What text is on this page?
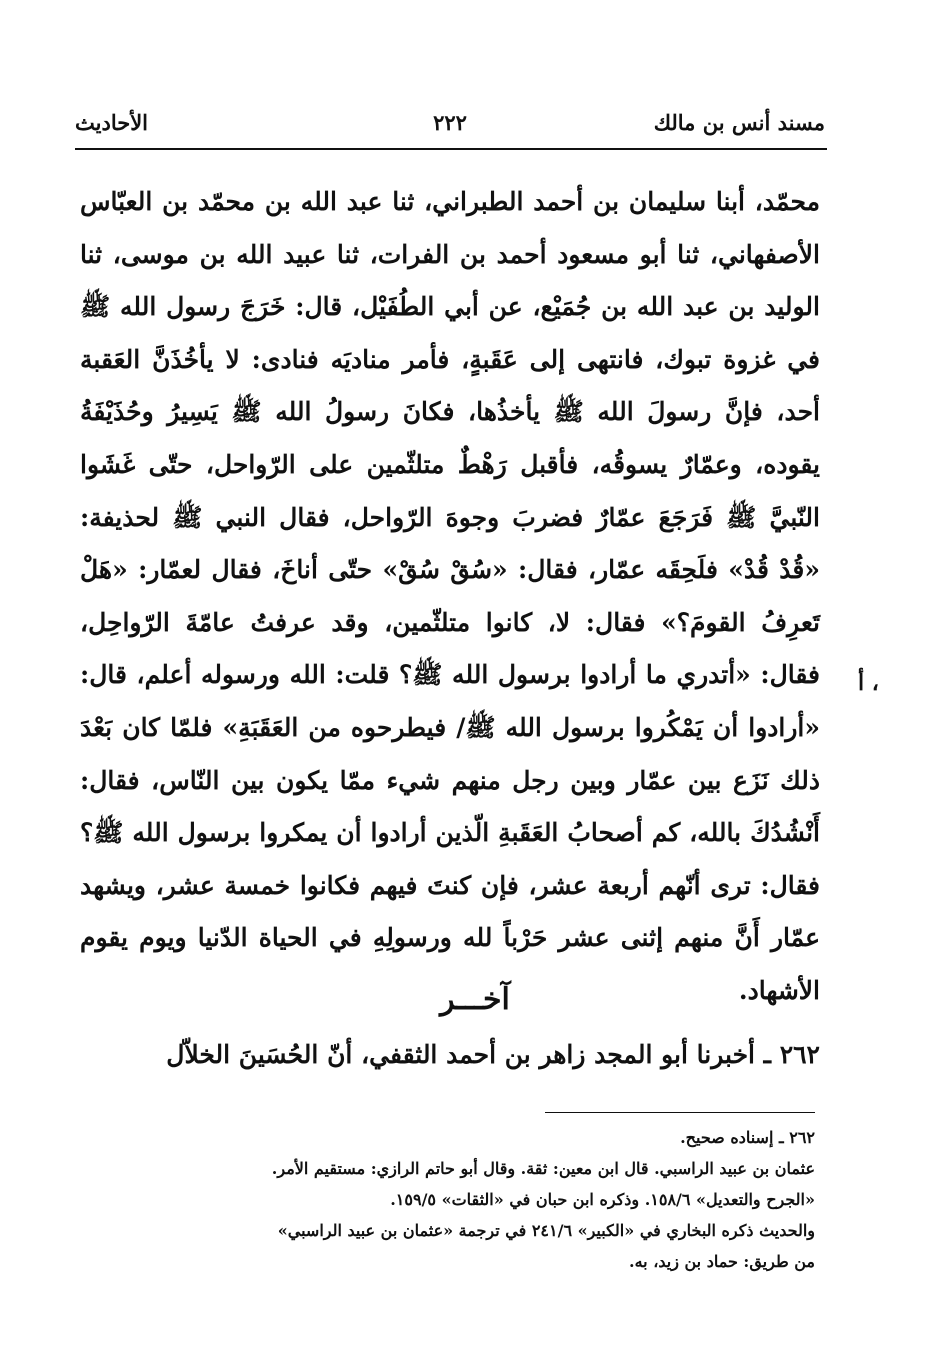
مسند أنس بن مالك
٢٢٢
الأحاديث
محمّد، أبنا سليمان بن أحمد الطبراني، ثنا عبد الله بن محمّد بن العبّاس الأصفهاني، ثنا أبو مسعود أحمد بن الفرات، ثنا عبيد الله بن موسى، ثنا الوليد بن عبد الله بن جُمَيْع، عن أبي الطُفَيْل، قال: خَرَجَ رسول الله ﷺ في غزوة تبوك، فانتهى إلى عَقَبةٍ، فأمر مناديَه فنادى: لا يأخُذَنَّ العَقبة أحد، فإنَّ رسولَ الله ﷺ يأخذُها، فكانَ رسولُ الله ﷺ يَسِيرُ وحُذَيْفَةُ يقوده، وعمّارٌ يسوقُه، فأقبل رَهْطٌ متلثّمين على الرّواحل، حتّى غَشَوا النّبيَّ ﷺ فَرَجَعَ عمّارٌ فضربَ وجوهَ الرّواحل، فقال النبي ﷺ لحذيفة: «قُدْ قُدْ» فلَحِقَه عمّار، فقال: «سُقْ سُقْ» حتّى أناخَ، فقال لعمّار: «هَلْ تَعرِفُ القومَ؟» فقال: لا، كانوا متلثّمين، وقد عرفتُ عامّةَ الرّواحِل، فقال: «أتدري ما أرادوا برسول الله ﷺ؟ قلت: الله ورسوله أعلم، قال: «أرادوا أن يَمْكُروا برسول الله ﷺ/ فيطرحوه من العَقَبَةِ» فلمّا كان بَعْدَ ذلك نَزَع بين عمّار وبين رجل منهم شيء ممّا يكون بين النّاس، فقال: أَنْشُدُكَ بالله، كم أصحابُ العَقَبةِ الّذين أرادوا أن يمكروا برسول الله ﷺ؟ فقال: ترى أنّهم أربعة عشر، فإن كنتَ فيهم فكانوا خمسة عشر، ويشهد عمّار أَنَّ منهم إثنى عشر حَرْباً لله ورسولِهِ في الحياة الدّنيا ويوم يقوم الأشهاد.
، أ
آخـــر
٢٦٢ ـ أخبرنا أبو المجد زاهر بن أحمد الثقفي، أنّ الحُسَينَ الخلاّل
٢٦٢ ـ إسناده صحيح.
عثمان بن عبيد الراسبي. قال ابن معين: ثقة. وقال أبو حاتم الرازي: مستقيم الأمر.
«الجرح والتعديل» ١٥٨/٦. وذكره ابن حبان في «الثقات» ١٥٩/٥.
والحديث ذكره البخاري في «الكبير» ٢٤١/٦ في ترجمة «عثمان بن عبيد الراسبي»
من طريق: حماد بن زيد، به.
